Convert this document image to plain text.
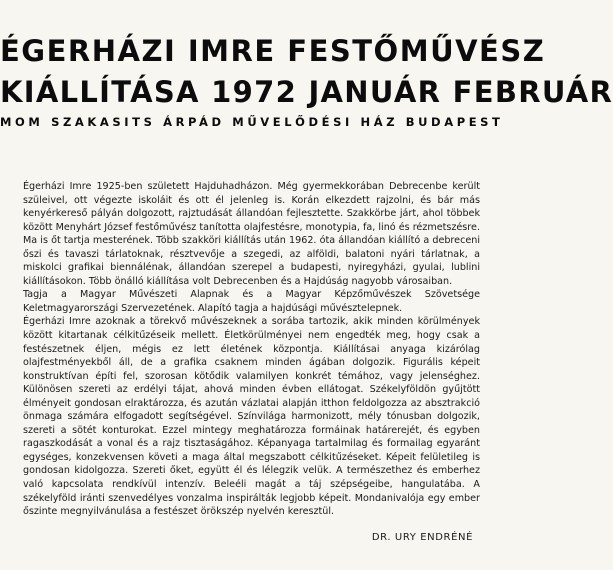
ÉGERHÁZI IMRE FESTŐMŰVÉSZ
KIÁLLÍTÁSA 1972 JANUÁR FEBRUÁR
MOM SZAKASITS ÁRPÁD MŰVELŐDÉSI HÁZ BUDAPEST

Égerházi Imre 1925-ben született Hajduhadházon. Még gyermekkorában Debrecenbe került szüleivel, ott végezte iskoláit és ott él jelenleg is. Korán elkezdett rajzolni, és bár más kenyérkereső pályán dolgozott, rajztudását állandóan fejlesztette. Szakkörbe járt, ahol többek között Menyhárt József festőművész tanította olajfestésre, monotypia, fa, linó és rézmetszésre. Ma is őt tartja mesterének. Több szakköri kiállítás után 1962. óta állandóan kiállító a debreceni őszi és tavaszi tárlatoknak, résztvevője a szegedi, az alföldi, balatoni nyári tárlatnak, a miskolci grafikai biennálénak, állandóan szerepel a budapesti, nyiregyházi, gyulai, lublini kiállításokon. Több önálló kiállítása volt Debrecenben és a Hajdúság nagyobb városaiban.

Tagja a Magyar Művészeti Alapnak és a Magyar Képzőművészek Szövetsége Keletmagyarországi Szervezetének. Alapító tagja a hajdúsági művésztelepnek.

Égerházi Imre azoknak a törekvő művészeknek a sorába tartozik, akik minden körülmények között kitartanak célkitűzéseik mellett. Életkörülményei nem engedték meg, hogy csak a festészetnek éljen, mégis ez lett életének központja. Kiállításai anyaga kizárólag olajfestményekből áll, de a grafika csaknem minden ágában dolgozik. Figurális képeit konstruktívan építi fel, szorosan kötődik valamilyen konkrét témához, vagy jelenséghez. Különösen szereti az erdélyi tájat, ahová minden évben ellátogat. Székelyföldön gyűjtött élményeit gondosan elraktározza, és azután vázlatai alapján itthon feldolgozza az absztrakció önmaga számára elfogadott segítségével. Színvilága harmonizott, mély tónusban dolgozik, szereti a sötét konturokat. Ezzel mintegy meghatározza formáinak határerejét, és egyben ragaszkodását a vonal és a rajz tisztaságához. Képanyaga tartalmilag és formailag egyaránt egységes, konzekvensen követi a maga által megszabott célkitűzéseket. Képeit felületileg is gondosan kidolgozza. Szereti őket, együtt él és lélegzik velük. A természethez és emberhez való kapcsolata rendkívül intenzív. Beleéli magát a táj szépségeibe, hangulatába. A székelyföld iránti szenvedélyes vonzalma inspirálták legjobb képeit. Mondanivalója egy ember őszinte megnyilvánulása a festészet örökszép nyelvén keresztül.

DR. URY ENDRÉNÉ
